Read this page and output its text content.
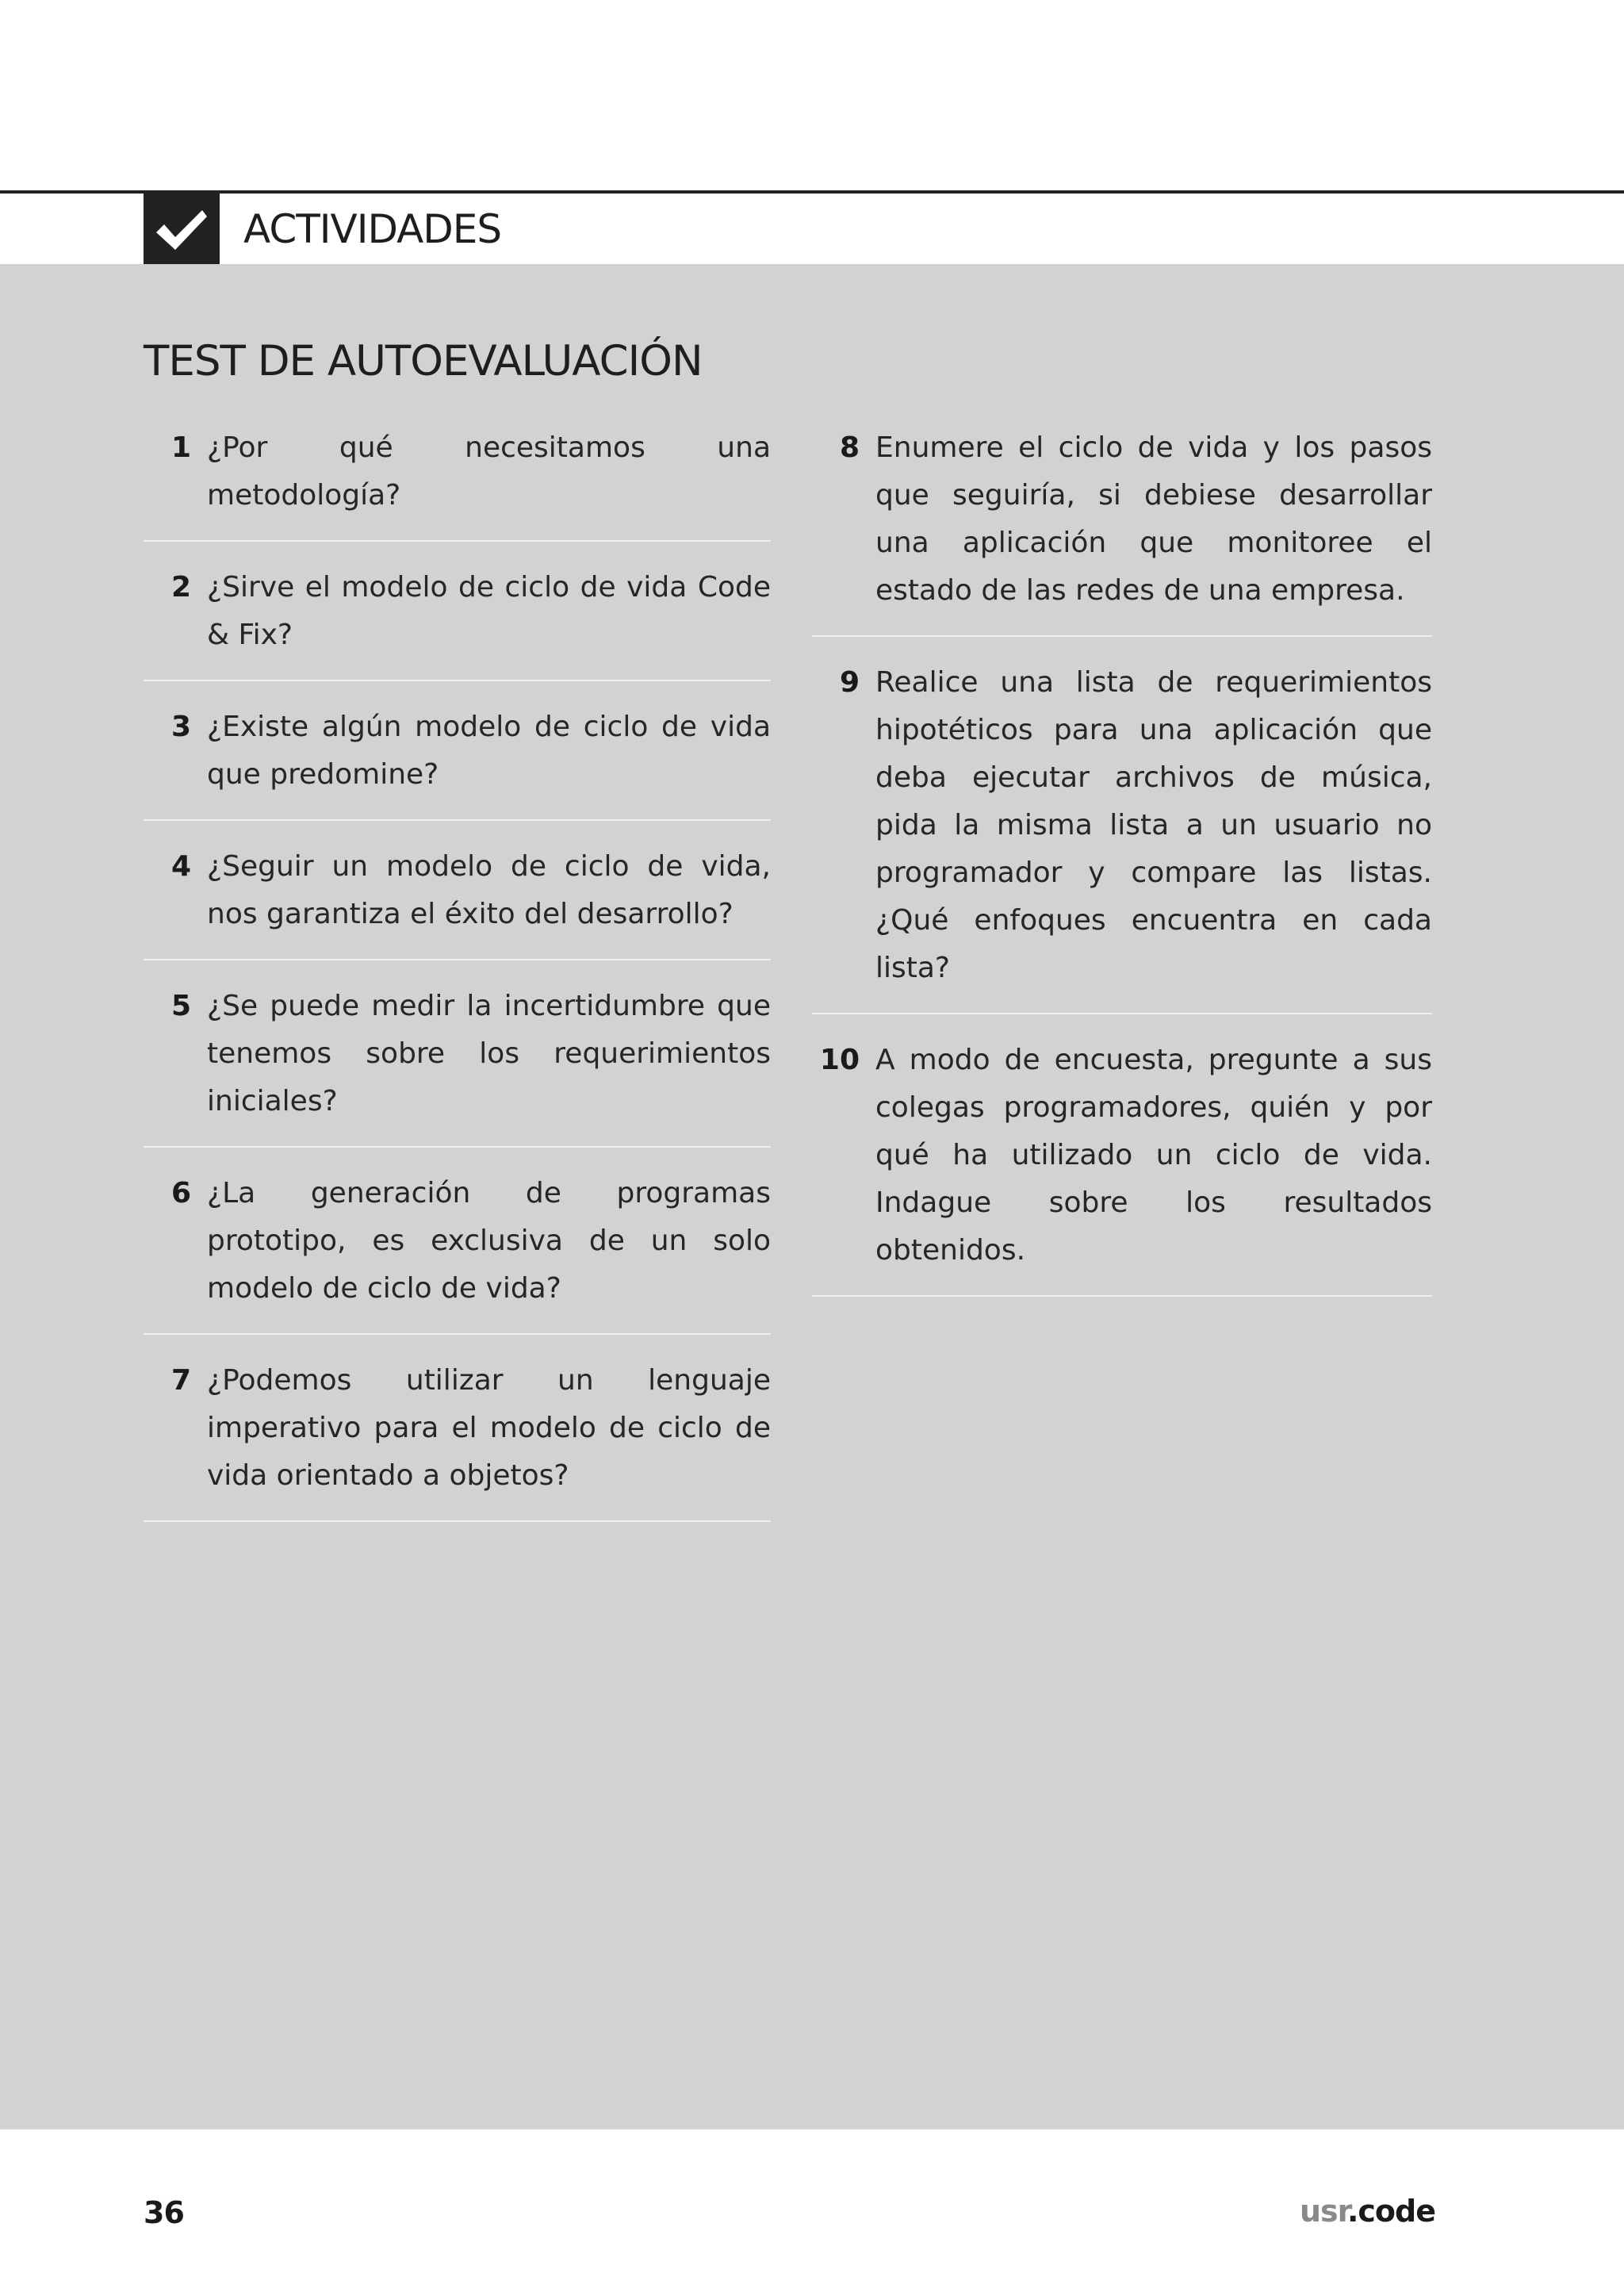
ACTIVIDADES
TEST DE AUTOEVALUACIÓN
1 ¿Por qué necesitamos una metodología?
2 ¿Sirve el modelo de ciclo de vida Code & Fix?
3 ¿Existe algún modelo de ciclo de vida que predomine?
4 ¿Seguir un modelo de ciclo de vida, nos garantiza el éxito del desarrollo?
5 ¿Se puede medir la incertidumbre que tenemos sobre los requerimientos iniciales?
6 ¿La generación de programas prototipo, es exclusiva de un solo modelo de ciclo de vida?
7 ¿Podemos utilizar un lenguaje imperativo para el modelo de ciclo de vida orientado a objetos?
8 Enumere el ciclo de vida y los pasos que seguiría, si debiese desarrollar una aplicación que monitoree el estado de las redes de una empresa.
9 Realice una lista de requerimientos hipotéticos para una aplicación que deba ejecutar archivos de música, pida la misma lista a un usuario no programador y compare las listas. ¿Qué enfoques encuentra en cada lista?
10 A modo de encuesta, pregunte a sus colegas programadores, quién y por qué ha utilizado un ciclo de vida. Indague sobre los resultados obtenidos.
36	usr.code
